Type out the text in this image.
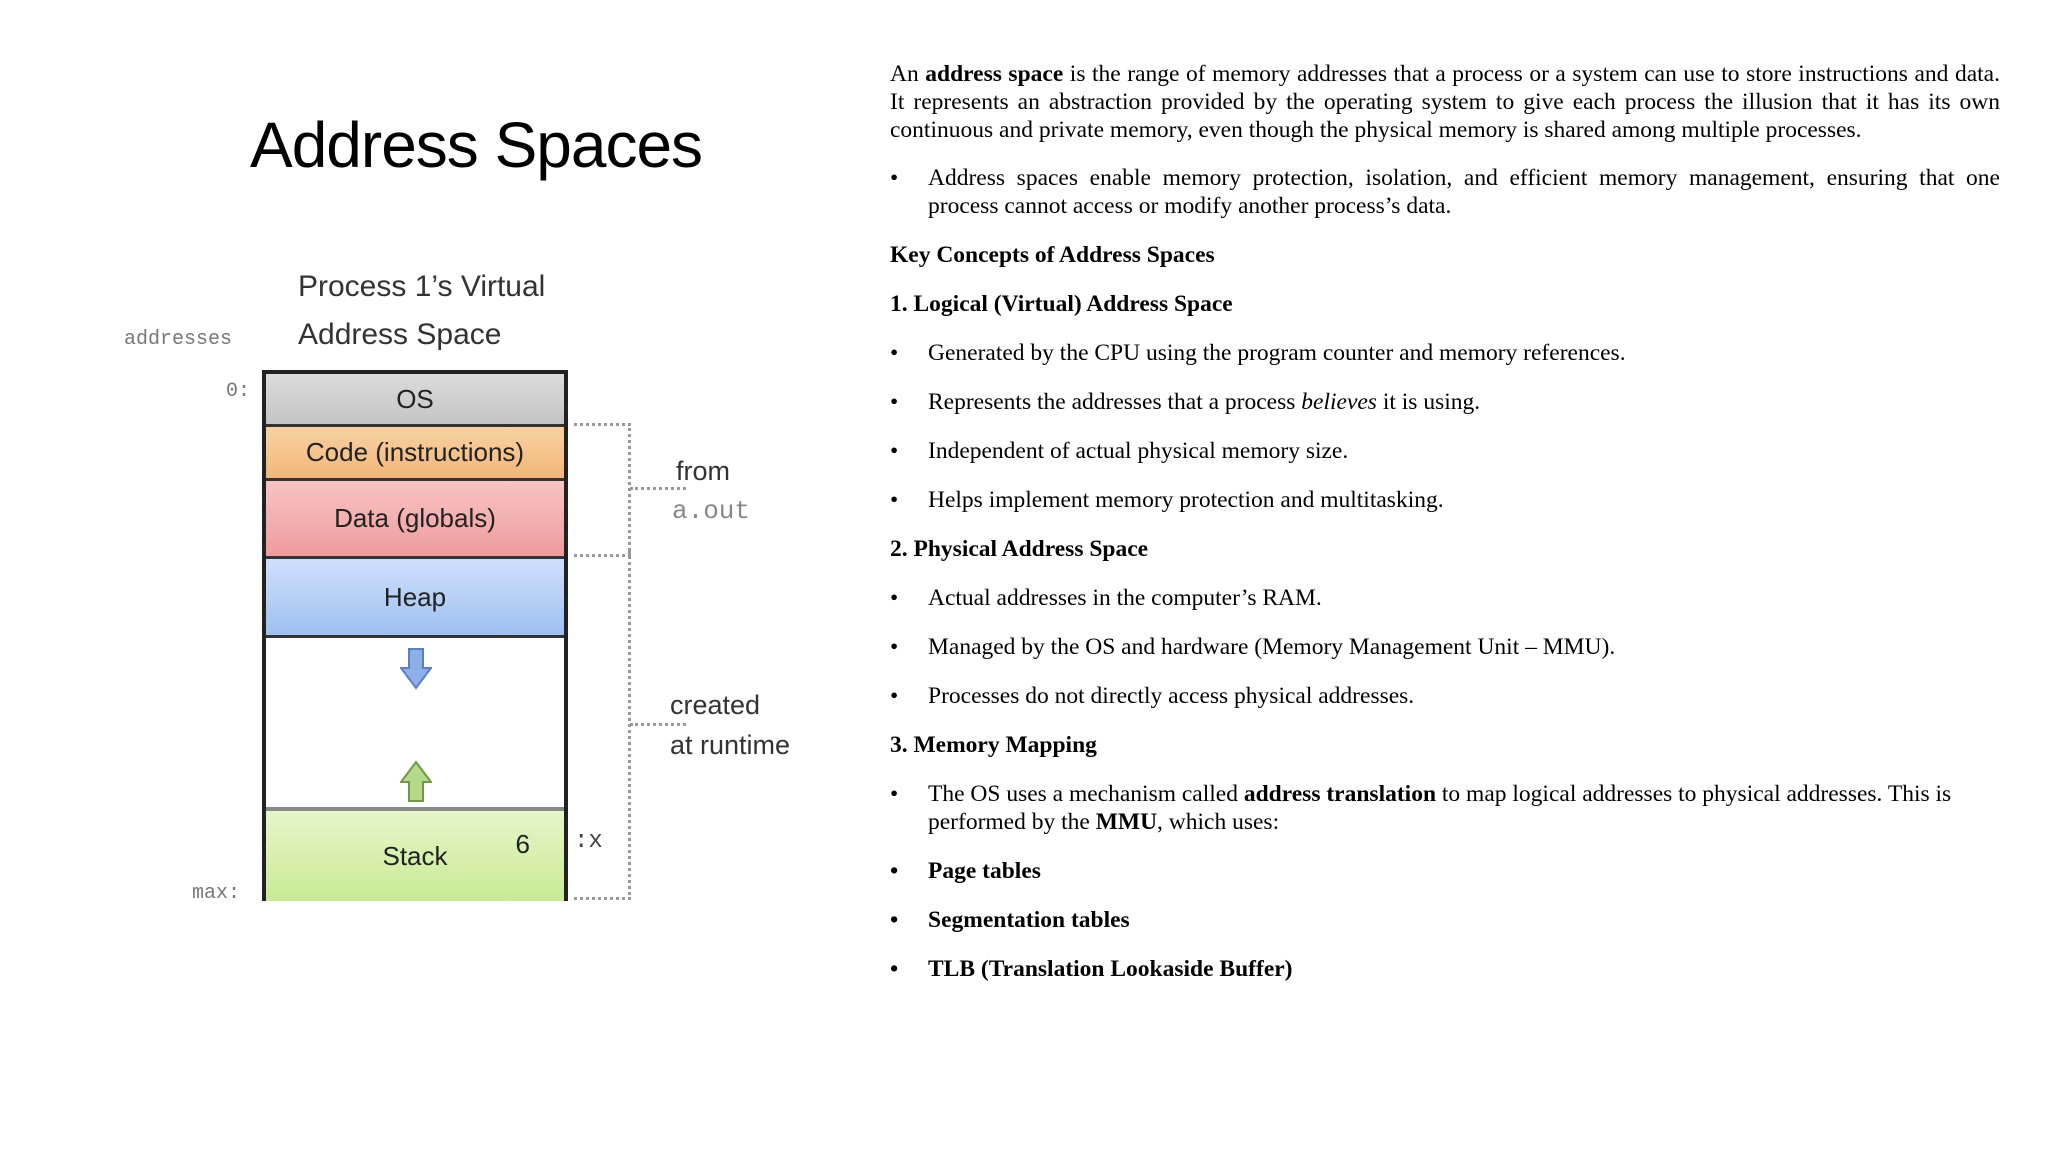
Address Spaces
Process 1’s Virtual
Address Space
addresses
0:
max:
OS
Code (instructions)
Data (globals)
Heap
Stack	6
from
a.out
created
at runtime
:x

An address space is the range of memory addresses that a process or a system can use to store instructions and data. It represents an abstraction provided by the operating system to give each process the illusion that it has its own continuous and private memory, even though the physical memory is shared among multiple processes.

• Address spaces enable memory protection, isolation, and efficient memory management, ensuring that one process cannot access or modify another process’s data.

Key Concepts of Address Spaces

1. Logical (Virtual) Address Space

• Generated by the CPU using the program counter and memory references.

• Represents the addresses that a process believes it is using.

• Independent of actual physical memory size.

• Helps implement memory protection and multitasking.

2. Physical Address Space

• Actual addresses in the computer’s RAM.

• Managed by the OS and hardware (Memory Management Unit – MMU).

• Processes do not directly access physical addresses.

3. Memory Mapping

• The OS uses a mechanism called address translation to map logical addresses to physical addresses. This is performed by the MMU, which uses:

• Page tables

• Segmentation tables

• TLB (Translation Lookaside Buffer)
